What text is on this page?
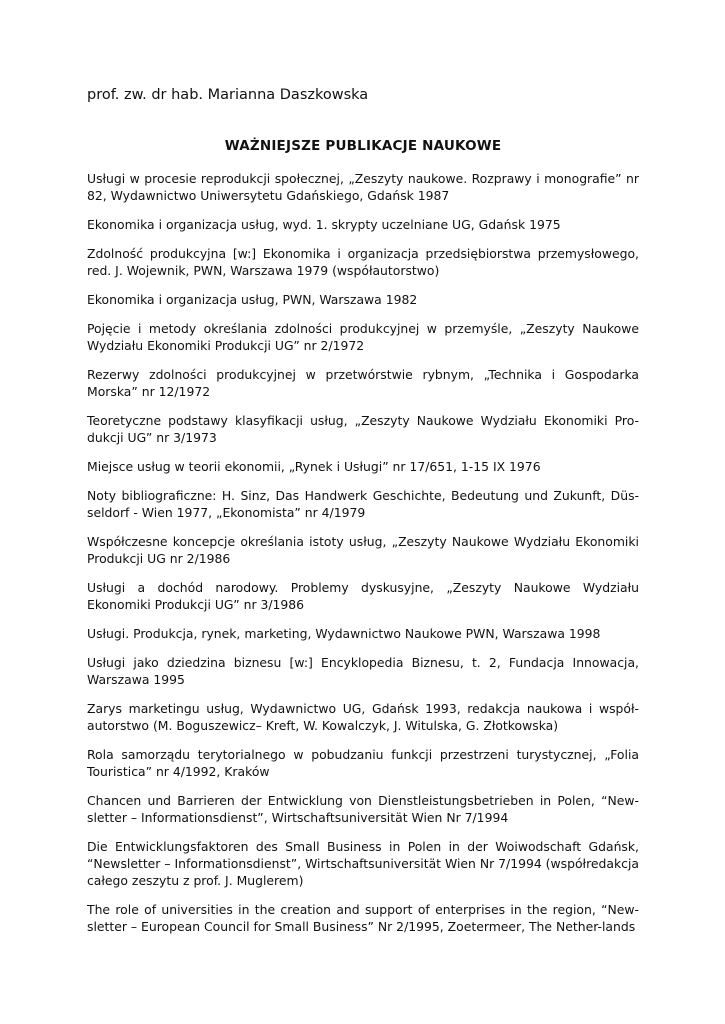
prof. zw. dr hab. Marianna Daszkowska
WAŻNIEJSZE PUBLIKACJE NAUKOWE

Usługi w procesie reprodukcji społecznej, „Zeszyty naukowe. Rozprawy i monografie” nr 82, Wydawnictwo Uniwersytetu Gdańskiego, Gdańsk 1987

Ekonomika i organizacja usług, wyd. 1. skrypty uczelniane UG, Gdańsk 1975

Zdolność produkcyjna [w:] Ekonomika i organizacja przedsiębiorstwa przemysłowego, red. J. Wojewnik, PWN, Warszawa 1979 (współautorstwo)

Ekonomika i organizacja usług, PWN, Warszawa 1982

Pojęcie i metody określania zdolności produkcyjnej w przemyśle, „Zeszyty Naukowe Wydziału Ekonomiki Produkcji UG” nr 2/1972

Rezerwy zdolności produkcyjnej w przetwórstwie rybnym, „Technika i Gospodarka Morska” nr 12/1972

Teoretyczne podstawy klasyfikacji usług, „Zeszyty Naukowe Wydziału Ekonomiki Pro-dukcji UG” nr 3/1973

Miejsce usług w teorii ekonomii, „Rynek i Usługi” nr 17/651, 1-15 IX 1976

Noty bibliograficzne: H. Sinz, Das Handwerk Geschichte, Bedeutung und Zukunft, Düs-seldorf - Wien 1977, „Ekonomista” nr 4/1979

Współczesne koncepcje określania istoty usług, „Zeszyty Naukowe Wydziału Ekonomiki Produkcji UG nr 2/1986

Usługi a dochód narodowy. Problemy dyskusyjne, „Zeszyty Naukowe Wydziału Ekonomiki Produkcji UG” nr 3/1986

Usługi. Produkcja, rynek, marketing, Wydawnictwo Naukowe PWN, Warszawa 1998

Usługi jako dziedzina biznesu [w:] Encyklopedia Biznesu, t. 2, Fundacja Innowacja, Warszawa 1995

Zarys marketingu usług, Wydawnictwo UG, Gdańsk 1993, redakcja naukowa i współ-autorstwo (M. Boguszewicz– Kreft, W. Kowalczyk, J. Witulska, G. Złotkowska)

Rola samorządu terytorialnego w pobudzaniu funkcji przestrzeni turystycznej, „Folia Touristica” nr 4/1992, Kraków

Chancen und Barrieren der Entwicklung von Dienstleistungsbetrieben in Polen, “New-sletter – Informationsdienst”, Wirtschaftsuniversität Wien Nr 7/1994

Die Entwicklungsfaktoren des Small Business in Polen in der Woiwodschaft Gdańsk, “Newsletter – Informationsdienst”, Wirtschaftsuniversität Wien Nr 7/1994 (współredakcja całego zeszytu z prof. J. Muglerem)

The role of universities in the creation and support of enterprises in the region, “New-sletter – European Council for Small Business” Nr 2/1995, Zoetermeer, The Nether-lands
